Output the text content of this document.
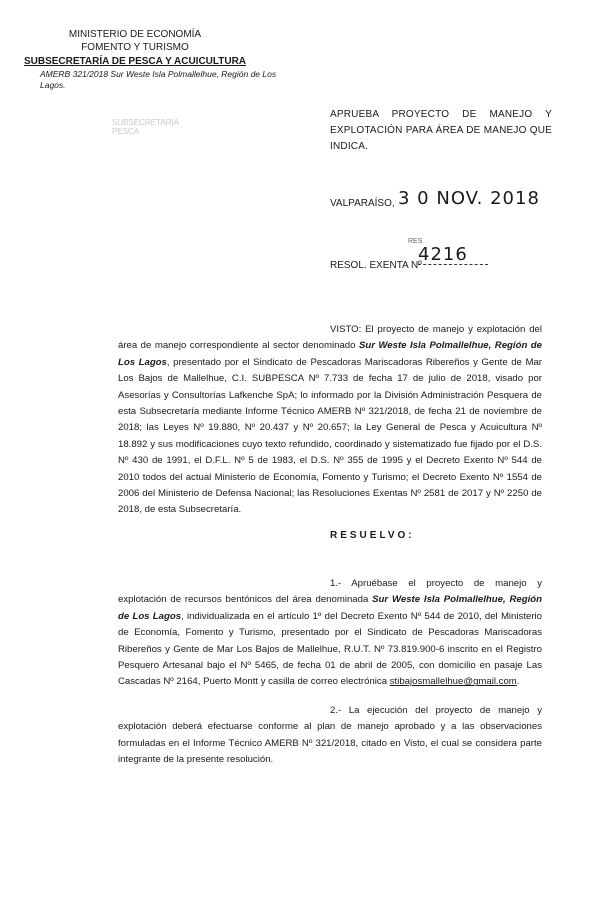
MINISTERIO DE ECONOMÍA
FOMENTO Y TURISMO
SUBSECRETARÍA DE PESCA Y ACUICULTURA
AMERB 321/2018 Sur Weste Isla Polmallelhue, Región de Los Lagos.
SUBSECRETARÍA
PESCA
APRUEBA PROYECTO DE MANEJO Y EXPLOTACIÓN PARA ÁREA DE MANEJO QUE INDICA.
VALPARAÍSO, 3 0 NOV. 2018
RES
RESOL. EXENTA Nº
4216
VISTO: El proyecto de manejo y explotación del área de manejo correspondiente al sector denominado Sur Weste Isla Polmallelhue, Región de Los Lagos, presentado por el Sindicato de Pescadoras Mariscadoras Ribereños y Gente de Mar Los Bajos de Mallelhue, C.I. SUBPESCA Nº 7.733 de fecha 17 de julio de 2018, visado por Asesorías y Consultorías Lafkenche SpA; lo informado por la División Administración Pesquera de esta Subsecretaría mediante Informe Técnico AMERB Nº 321/2018, de fecha 21 de noviembre de 2018; las Leyes Nº 19.880, Nº 20.437 y Nº 20.657; la Ley General de Pesca y Acuicultura Nº 18.892 y sus modificaciones cuyo texto refundido, coordinado y sistematizado fue fijado por el D.S. Nº 430 de 1991, el D.F.L. Nº 5 de 1983, el D.S. Nº 355 de 1995 y el Decreto Exento Nº 544 de 2010 todos del actual Ministerio de Economía, Fomento y Turismo; el Decreto Exento Nº 1554 de 2006 del Ministerio de Defensa Nacional; las Resoluciones Exentas Nº 2581 de 2017 y Nº 2250 de 2018, de esta Subsecretaría.
RESUELVO:
1.- Apruébase el proyecto de manejo y explotación de recursos bentónicos del área denominada Sur Weste Isla Polmallelhue, Región de Los Lagos, individualizada en el artículo 1º del Decreto Exento Nº 544 de 2010, del Ministerio de Economía, Fomento y Turismo, presentado por el Sindicato de Pescadoras Mariscadoras Ribereños y Gente de Mar Los Bajos de Mallelhue, R.U.T. Nº 73.819.900-6 inscrito en el Registro Pesquero Artesanal bajo el Nº 5465, de fecha 01 de abril de 2005, con domicilio en pasaje Las Cascadas Nº 2164, Puerto Montt y casilla de correo electrónica stibajosmallelhue@gmail.com.
2.- La ejecución del proyecto de manejo y explotación deberá efectuarse conforme al plan de manejo aprobado y a las observaciones formuladas en el Informe Técnico AMERB Nº 321/2018, citado en Visto, el cual se considera parte integrante de la presente resolución.
